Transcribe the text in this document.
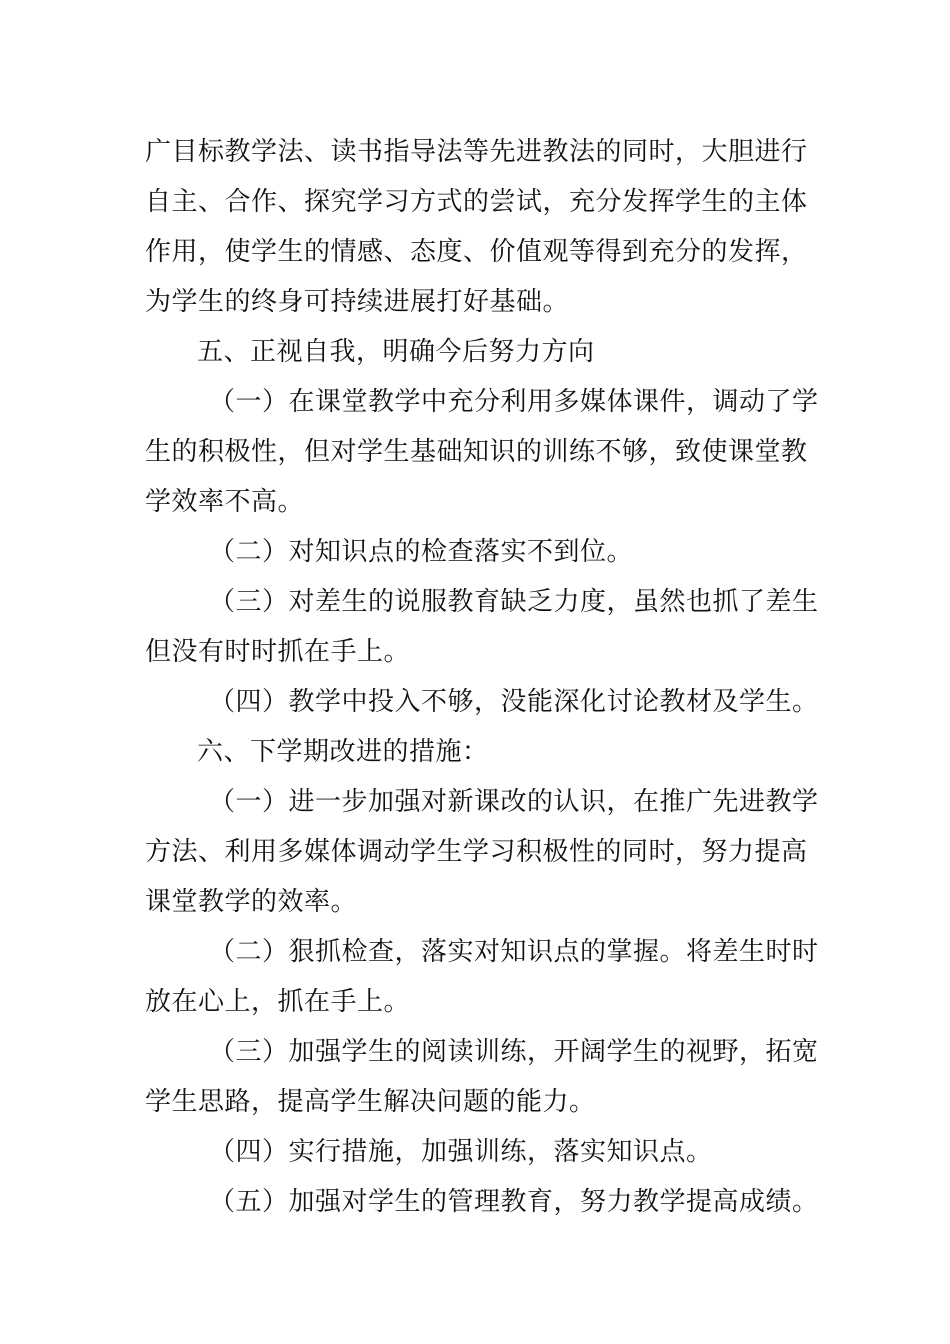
广目标教学法、读书指导法等先进教法的同时，大胆进行
自主、合作、探究学习方式的尝试，充分发挥学生的主体
作用，使学生的情感、态度、价值观等得到充分的发挥，
为学生的终身可持续进展打好基础。
五、正视自我，明确今后努力方向
（一）在课堂教学中充分利用多媒体课件，调动了学
生的积极性，但对学生基础知识的训练不够，致使课堂教
学效率不高。
（二）对知识点的检查落实不到位。
（三）对差生的说服教育缺乏力度，虽然也抓了差生
但没有时时抓在手上。
（四）教学中投入不够，没能深化讨论教材及学生。
六、下学期改进的措施：
（一）进一步加强对新课改的认识，在推广先进教学
方法、利用多媒体调动学生学习积极性的同时，努力提高
课堂教学的效率。
（二）狠抓检查，落实对知识点的掌握。将差生时时
放在心上，抓在手上。
（三）加强学生的阅读训练，开阔学生的视野，拓宽
学生思路，提高学生解决问题的能力。
（四）实行措施，加强训练，落实知识点。
（五）加强对学生的管理教育，努力教学提高成绩。
